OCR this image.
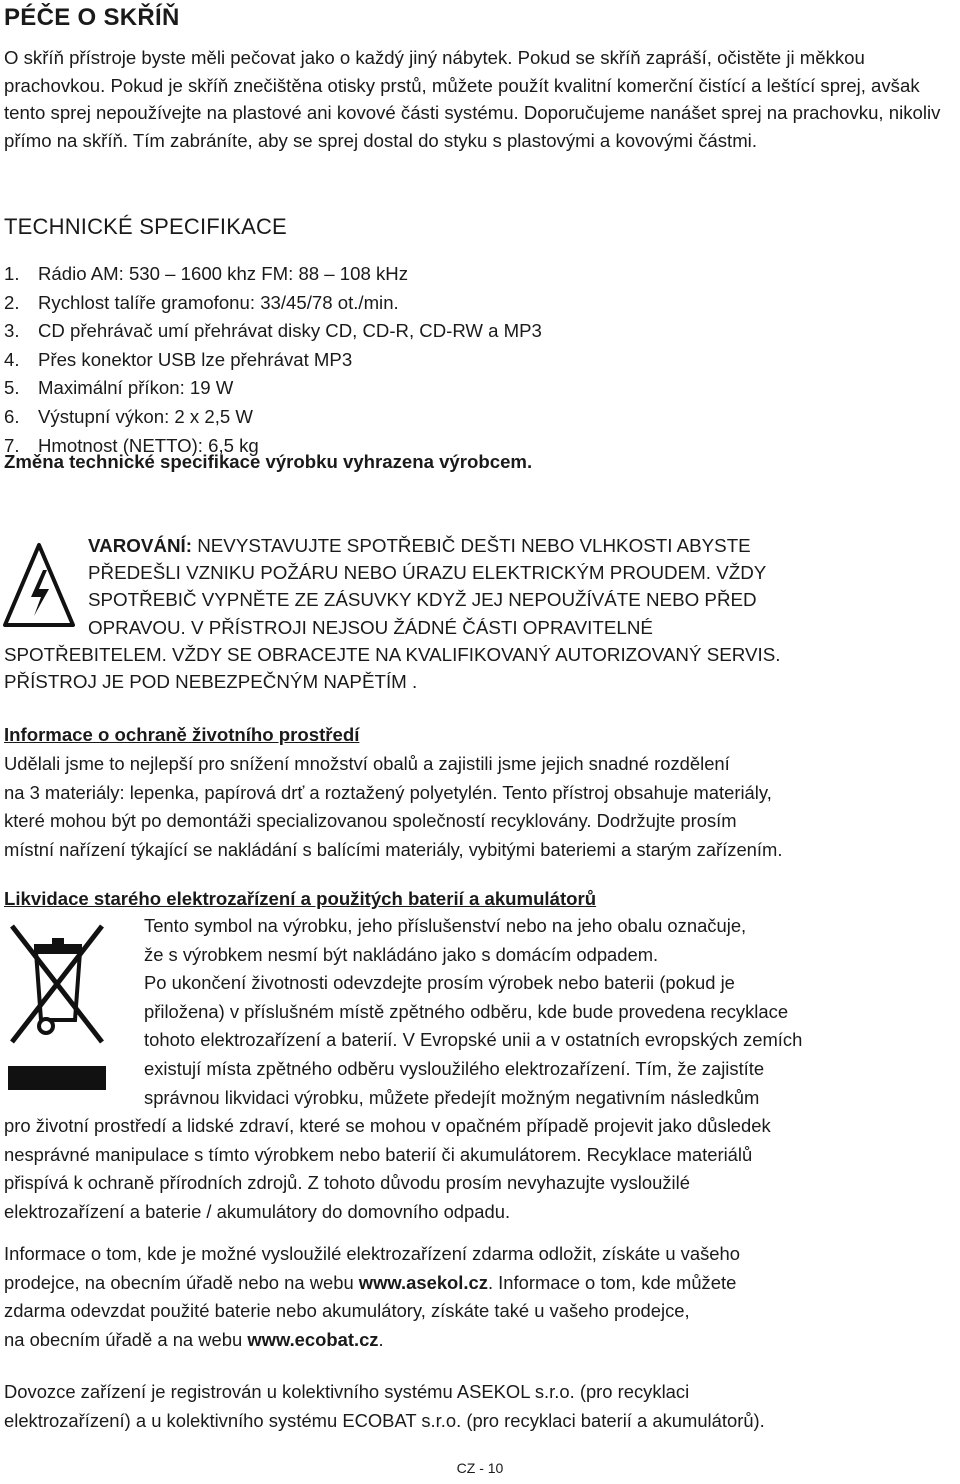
PÉČE O SKŘÍŇ

O skříň přístroje byste měli pečovat jako o každý jiný nábytek. Pokud se skříň zapráší, očistěte ji měkkou prachovkou. Pokud je skříň znečištěna otisky prstů, můžete použít kvalitní komerční čistící a leštící sprej, avšak tento sprej nepoužívejte na plastové ani kovové části systému. Doporučujeme nanášet sprej na prachovku, nikoliv přímo na skříň. Tím zabráníte, aby se sprej dostal do styku s plastovými a kovovými částmi.

TECHNICKÉ SPECIFIKACE
1. Rádio AM: 530 – 1600 khz FM: 88 – 108 kHz
2. Rychlost talíře gramofonu: 33/45/78 ot./min.
3. CD přehrávač umí přehrávat disky CD, CD-R, CD-RW a MP3
4. Přes konektor USB lze přehrávat MP3
5. Maximální příkon: 19 W
6. Výstupní výkon: 2 x 2,5 W
7. Hmotnost (NETTO): 6,5 kg

Změna technické specifikace výrobku vyhrazena výrobcem.

VAROVÁNÍ: NEVYSTAVUJTE SPOTŘEBIČ DEŠTI NEBO VLHKOSTI ABYSTE
PŘEDEŠLI VZNIKU POŽÁRU NEBO ÚRAZU ELEKTRICKÝM PROUDEM. VŽDY
SPOTŘEBIČ VYPNĚTE ZE ZÁSUVKY KDYŽ JEJ NEPOUŽÍVÁTE NEBO PŘED
OPRAVOU. V PŘÍSTROJI NEJSOU ŽÁDNÉ ČÁSTI OPRAVITELNÉ
SPOTŘEBITELEM. VŽDY SE OBRACEJTE NA KVALIFIKOVANÝ AUTORIZOVANÝ SERVIS.
PŘÍSTROJ JE POD NEBEZPEČNÝM NAPĚTÍM .

Informace o ochraně životního prostředí

Udělali jsme to nejlepší pro snížení množství obalů a zajistili jsme jejich snadné rozdělení
na 3 materiály: lepenka, papírová drť a roztažený polyetylén. Tento přístroj obsahuje materiály,
které mohou být po demontáži specializovanou společností recyklovány. Dodržujte prosím
místní nařízení týkající se nakládání s balícími materiály, vybitými bateriemi a starým zařízením.

Likvidace starého elektrozařízení a použitých baterií a akumulátorů

Tento symbol na výrobku, jeho příslušenství nebo na jeho obalu označuje,
že s výrobkem nesmí být nakládáno jako s domácím odpadem.
Po ukončení životnosti odevzdejte prosím výrobek nebo baterii (pokud je
přiložena) v příslušném místě zpětného odběru, kde bude provedena recyklace
tohoto elektrozařízení a baterií. V Evropské unii a v ostatních evropských zemích
existují místa zpětného odběru vysloužilého elektrozařízení. Tím, že zajistíte
správnou likvidaci výrobku, můžete předejít možným negativním následkům
pro životní prostředí a lidské zdraví, které se mohou v opačném případě projevit jako důsledek
nesprávné manipulace s tímto výrobkem nebo baterií či akumulátorem. Recyklace materiálů
přispívá k ochraně přírodních zdrojů. Z tohoto důvodu prosím nevyhazujte vysloužilé
elektrozařízení a baterie / akumulátory do domovního odpadu.

Informace o tom, kde je možné vysloužilé elektrozařízení zdarma odložit, získáte u vašeho
prodejce, na obecním úřadě nebo na webu www.asekol.cz. Informace o tom, kde můžete
zdarma odevzdat použité baterie nebo akumulátory, získáte také u vašeho prodejce,
na obecním úřadě a na webu www.ecobat.cz.

Dovozce zařízení je registrován u kolektivního systému ASEKOL s.r.o. (pro recyklaci
elektrozařízení) a u kolektivního systému ECOBAT s.r.o. (pro recyklaci baterií a akumulátorů).

CZ - 10
